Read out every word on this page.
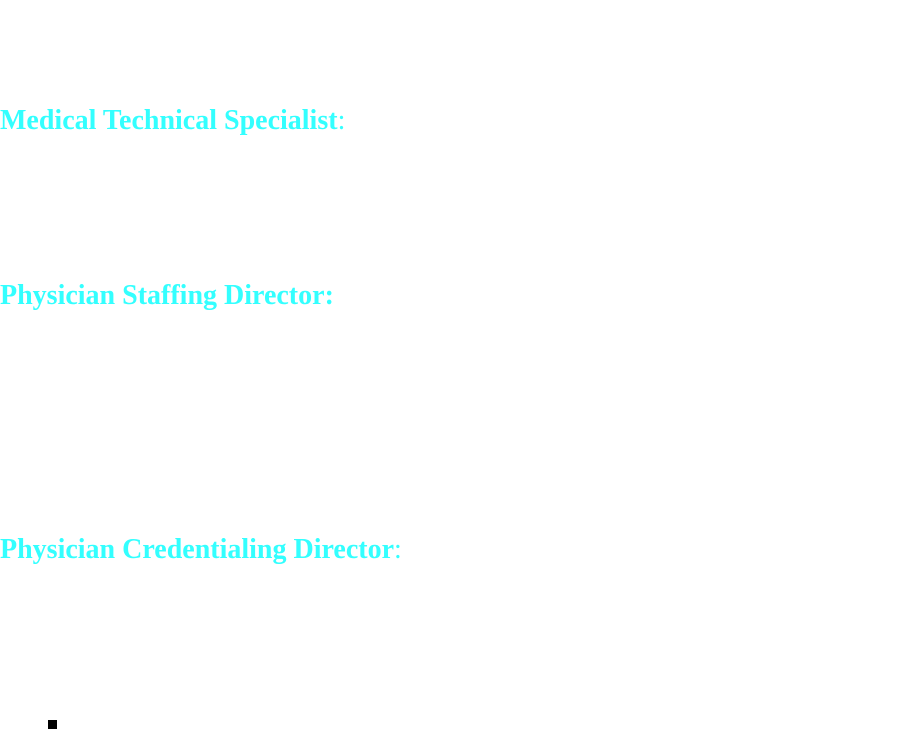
Medical Technical Specialist:
Physician Staffing Director:
Physician Credentialing Director:
